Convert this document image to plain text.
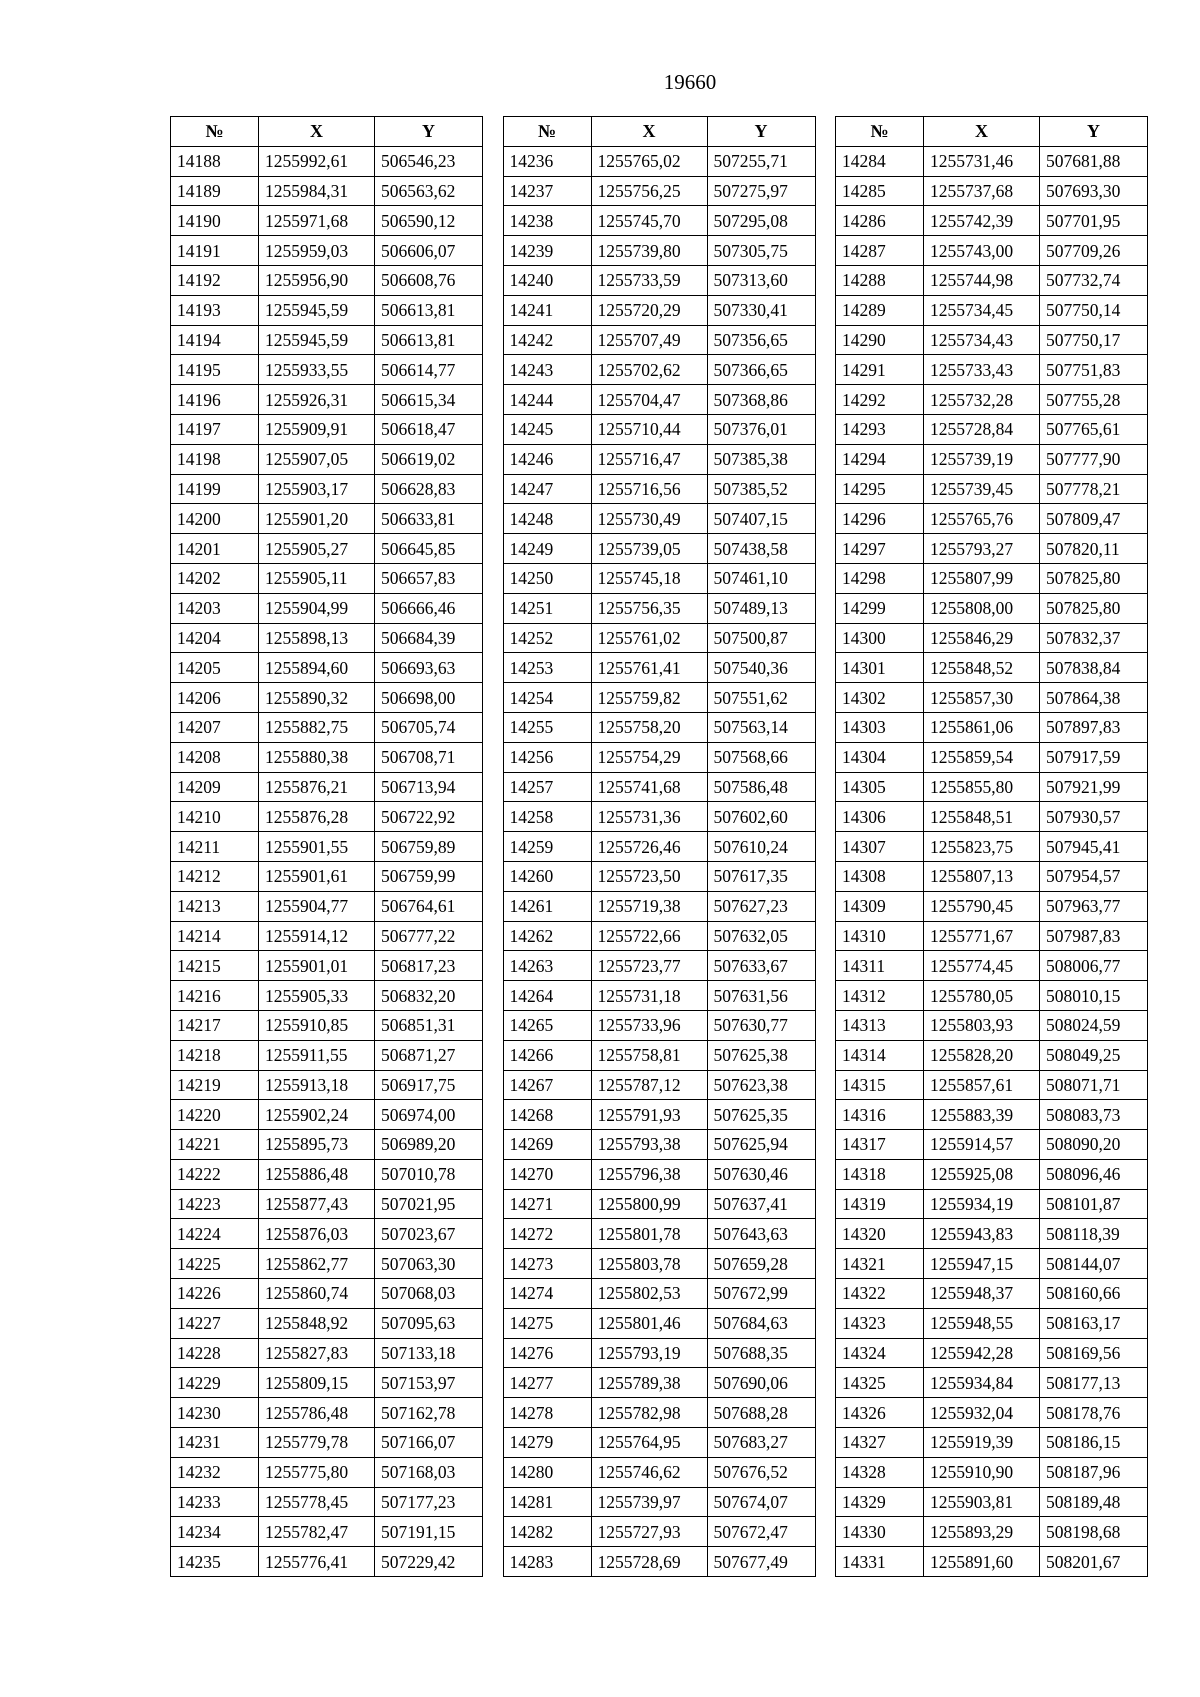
19660
№	X	Y
14188	1255992,61	506546,23
14189	1255984,31	506563,62
14190	1255971,68	506590,12
14191	1255959,03	506606,07
14192	1255956,90	506608,76
14193	1255945,59	506613,81
14194	1255945,59	506613,81
14195	1255933,55	506614,77
14196	1255926,31	506615,34
14197	1255909,91	506618,47
14198	1255907,05	506619,02
14199	1255903,17	506628,83
14200	1255901,20	506633,81
14201	1255905,27	506645,85
14202	1255905,11	506657,83
14203	1255904,99	506666,46
14204	1255898,13	506684,39
14205	1255894,60	506693,63
14206	1255890,32	506698,00
14207	1255882,75	506705,74
14208	1255880,38	506708,71
14209	1255876,21	506713,94
14210	1255876,28	506722,92
14211	1255901,55	506759,89
14212	1255901,61	506759,99
14213	1255904,77	506764,61
14214	1255914,12	506777,22
14215	1255901,01	506817,23
14216	1255905,33	506832,20
14217	1255910,85	506851,31
14218	1255911,55	506871,27
14219	1255913,18	506917,75
14220	1255902,24	506974,00
14221	1255895,73	506989,20
14222	1255886,48	507010,78
14223	1255877,43	507021,95
14224	1255876,03	507023,67
14225	1255862,77	507063,30
14226	1255860,74	507068,03
14227	1255848,92	507095,63
14228	1255827,83	507133,18
14229	1255809,15	507153,97
14230	1255786,48	507162,78
14231	1255779,78	507166,07
14232	1255775,80	507168,03
14233	1255778,45	507177,23
14234	1255782,47	507191,15
14235	1255776,41	507229,42
№	X	Y
14236	1255765,02	507255,71
14237	1255756,25	507275,97
14238	1255745,70	507295,08
14239	1255739,80	507305,75
14240	1255733,59	507313,60
14241	1255720,29	507330,41
14242	1255707,49	507356,65
14243	1255702,62	507366,65
14244	1255704,47	507368,86
14245	1255710,44	507376,01
14246	1255716,47	507385,38
14247	1255716,56	507385,52
14248	1255730,49	507407,15
14249	1255739,05	507438,58
14250	1255745,18	507461,10
14251	1255756,35	507489,13
14252	1255761,02	507500,87
14253	1255761,41	507540,36
14254	1255759,82	507551,62
14255	1255758,20	507563,14
14256	1255754,29	507568,66
14257	1255741,68	507586,48
14258	1255731,36	507602,60
14259	1255726,46	507610,24
14260	1255723,50	507617,35
14261	1255719,38	507627,23
14262	1255722,66	507632,05
14263	1255723,77	507633,67
14264	1255731,18	507631,56
14265	1255733,96	507630,77
14266	1255758,81	507625,38
14267	1255787,12	507623,38
14268	1255791,93	507625,35
14269	1255793,38	507625,94
14270	1255796,38	507630,46
14271	1255800,99	507637,41
14272	1255801,78	507643,63
14273	1255803,78	507659,28
14274	1255802,53	507672,99
14275	1255801,46	507684,63
14276	1255793,19	507688,35
14277	1255789,38	507690,06
14278	1255782,98	507688,28
14279	1255764,95	507683,27
14280	1255746,62	507676,52
14281	1255739,97	507674,07
14282	1255727,93	507672,47
14283	1255728,69	507677,49
№	X	Y
14284	1255731,46	507681,88
14285	1255737,68	507693,30
14286	1255742,39	507701,95
14287	1255743,00	507709,26
14288	1255744,98	507732,74
14289	1255734,45	507750,14
14290	1255734,43	507750,17
14291	1255733,43	507751,83
14292	1255732,28	507755,28
14293	1255728,84	507765,61
14294	1255739,19	507777,90
14295	1255739,45	507778,21
14296	1255765,76	507809,47
14297	1255793,27	507820,11
14298	1255807,99	507825,80
14299	1255808,00	507825,80
14300	1255846,29	507832,37
14301	1255848,52	507838,84
14302	1255857,30	507864,38
14303	1255861,06	507897,83
14304	1255859,54	507917,59
14305	1255855,80	507921,99
14306	1255848,51	507930,57
14307	1255823,75	507945,41
14308	1255807,13	507954,57
14309	1255790,45	507963,77
14310	1255771,67	507987,83
14311	1255774,45	508006,77
14312	1255780,05	508010,15
14313	1255803,93	508024,59
14314	1255828,20	508049,25
14315	1255857,61	508071,71
14316	1255883,39	508083,73
14317	1255914,57	508090,20
14318	1255925,08	508096,46
14319	1255934,19	508101,87
14320	1255943,83	508118,39
14321	1255947,15	508144,07
14322	1255948,37	508160,66
14323	1255948,55	508163,17
14324	1255942,28	508169,56
14325	1255934,84	508177,13
14326	1255932,04	508178,76
14327	1255919,39	508186,15
14328	1255910,90	508187,96
14329	1255903,81	508189,48
14330	1255893,29	508198,68
14331	1255891,60	508201,67
